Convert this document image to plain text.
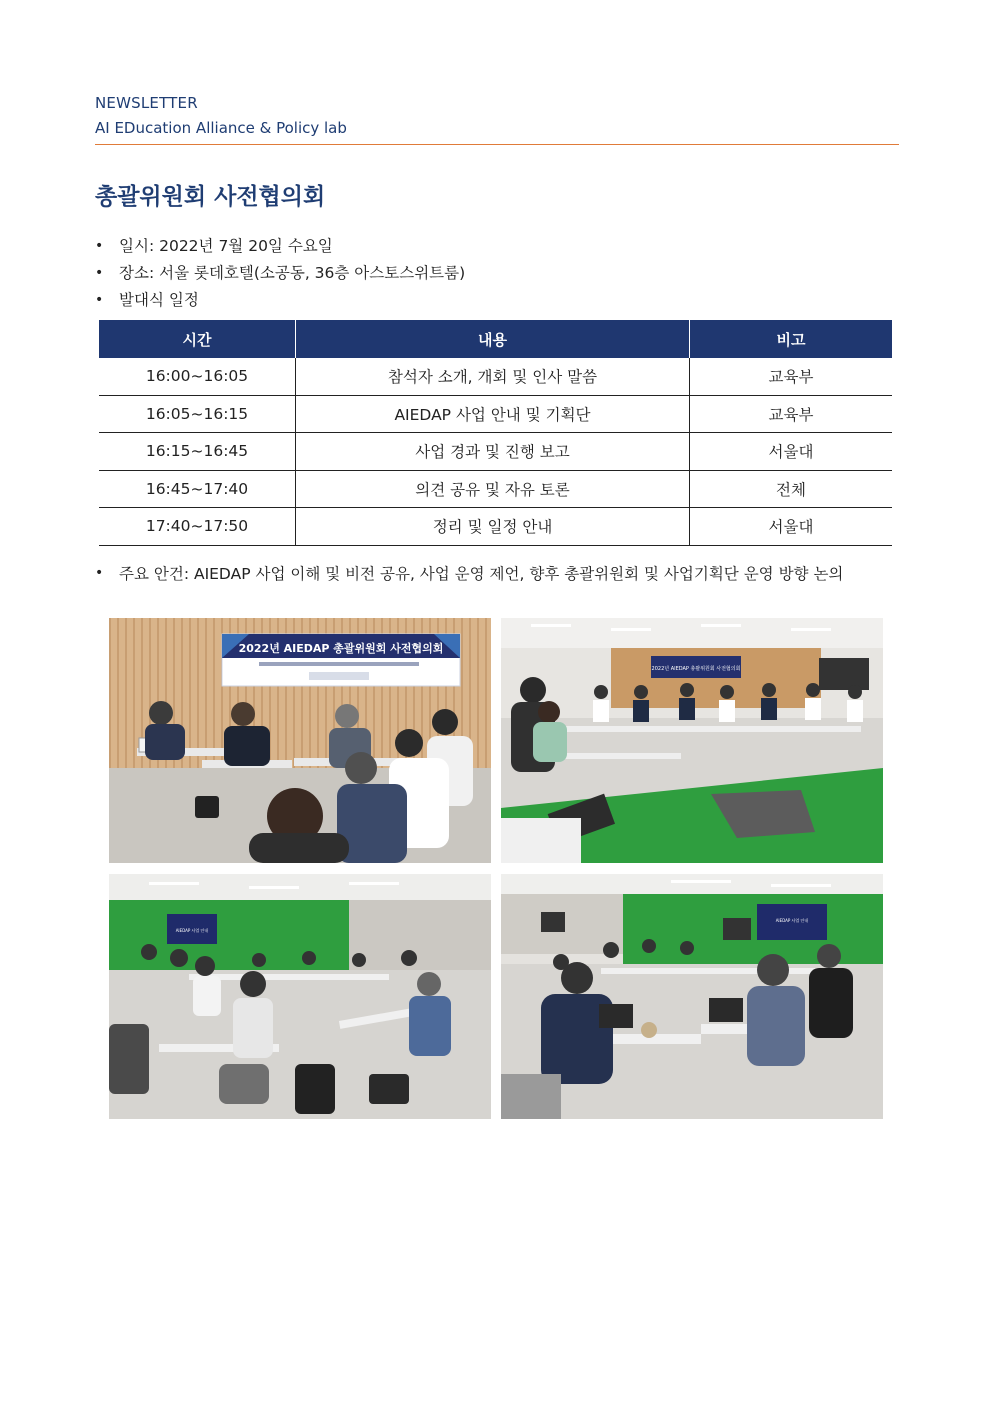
NEWSLETTER
AI EDucation Alliance & Policy lab
총괄위원회 사전협의회
•	일시: 2022년 7월 20일 수요일
•	장소: 서울 롯데호텔(소공동, 36층 아스토스위트룸)
•	발대식 일정
시간	내용	비고
16:00~16:05	참석자 소개, 개회 및 인사 말씀	교육부
16:05~16:15	AIEDAP 사업 안내 및 기획단	교육부
16:15~16:45	사업 경과 및 진행 보고	서울대
16:45~17:40	의견 공유 및 자유 토론	전체
17:40~17:50	정리 및 일정 안내	서울대
•	주요 안건: AIEDAP 사업 이해 및 비전 공유, 사업 운영 제언, 향후 총괄위원회 및 사업기획단 운영 방향 논의
2022년 AIEDAP 총괄위원회 사전협의회
2022년 AIEDAP 총괄위원회 사전협의회
AIEDAP 사업 안내
AIEDAP 사업 안내
